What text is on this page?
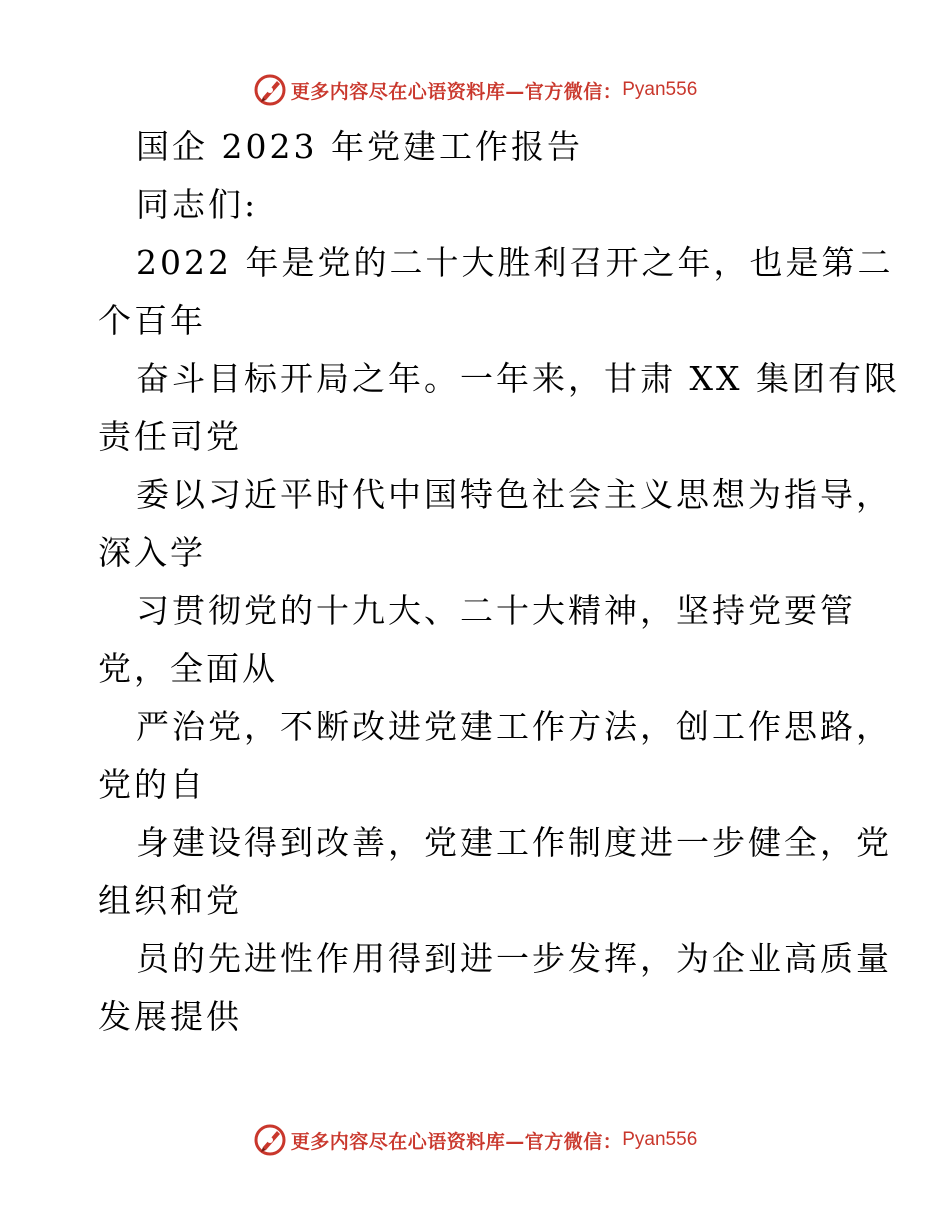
更多内容尽在心语资料库—官方微信： Pyan556
国企 2023 年党建工作报告
同志们:
2022 年是党的二十大胜利召开之年，也是第二
个百年
奋斗目标开局之年。一年来，甘肃 XX 集团有限
责任司党
委以习近平时代中国特色社会主义思想为指导，
深入学
习贯彻党的十九大、二十大精神，坚持党要管
党，全面从
严治党，不断改进党建工作方法，创工作思路，
党的自
身建设得到改善，党建工作制度进一步健全，党
组织和党
员的先进性作用得到进一步发挥，为企业高质量
发展提供
更多内容尽在心语资料库—官方微信： Pyan556
